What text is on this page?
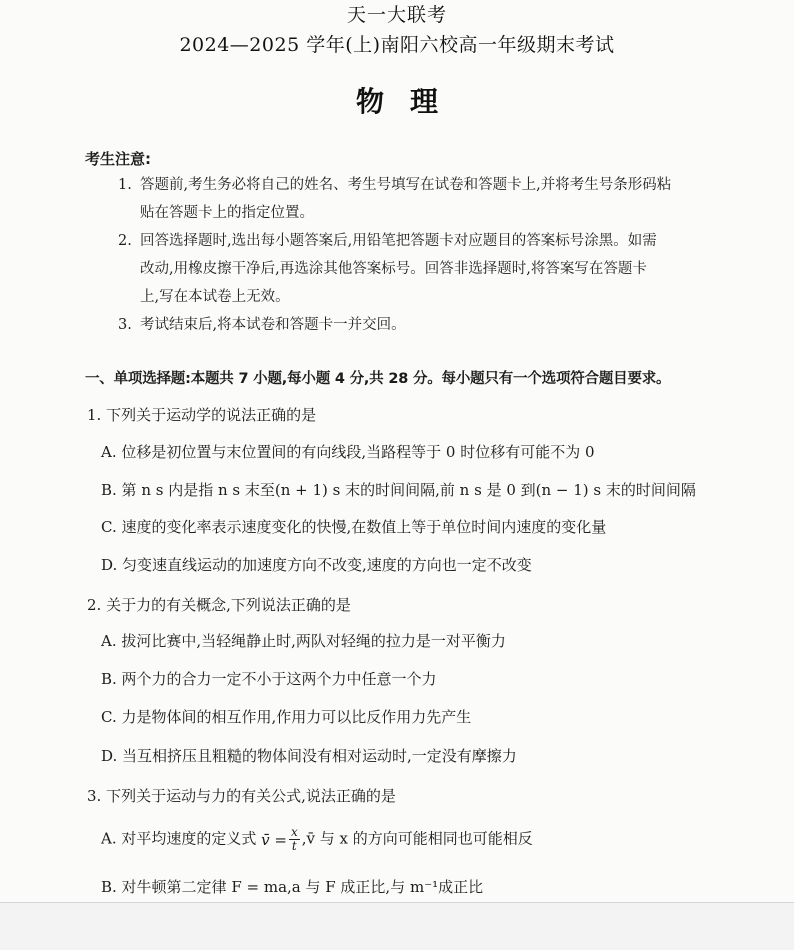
天一大联考
2024—2025 学年(上)南阳六校高一年级期末考试
物理
考生注意:
1. 答题前,考生务必将自己的姓名、考生号填写在试卷和答题卡上,并将考生号条形码粘
贴在答题卡上的指定位置。
2. 回答选择题时,选出每小题答案后,用铅笔把答题卡对应题目的答案标号涂黑。如需
改动,用橡皮擦干净后,再选涂其他答案标号。回答非选择题时,将答案写在答题卡
上,写在本试卷上无效。
3. 考试结束后,将本试卷和答题卡一并交回。
一、单项选择题:本题共 7 小题,每小题 4 分,共 28 分。每小题只有一个选项符合题目要求。
1. 下列关于运动学的说法正确的是
A. 位移是初位置与末位置间的有向线段,当路程等于 0 时位移有可能不为 0
B. 第 n s 内是指 n s 末至(n + 1) s 末的时间间隔,前 n s 是 0 到(n − 1) s 末的时间间隔
C. 速度的变化率表示速度变化的快慢,在数值上等于单位时间内速度的变化量
D. 匀变速直线运动的加速度方向不改变,速度的方向也一定不改变
2. 关于力的有关概念,下列说法正确的是
A. 拔河比赛中,当轻绳静止时,两队对轻绳的拉力是一对平衡力
B. 两个力的合力一定不小于这两个力中任意一个力
C. 力是物体间的相互作用,作用力可以比反作用力先产生
D. 当互相挤压且粗糙的物体间没有相对运动时,一定没有摩擦力
3. 下列关于运动与力的有关公式,说法正确的是
A. 对平均速度的定义式 v̄ = $\frac{x}{t}$ ,v̄ 与 x 的方向可能相同也可能相反
B. 对牛顿第二定律 F = ma,a 与 F 成正比,与 m⁻¹成正比
